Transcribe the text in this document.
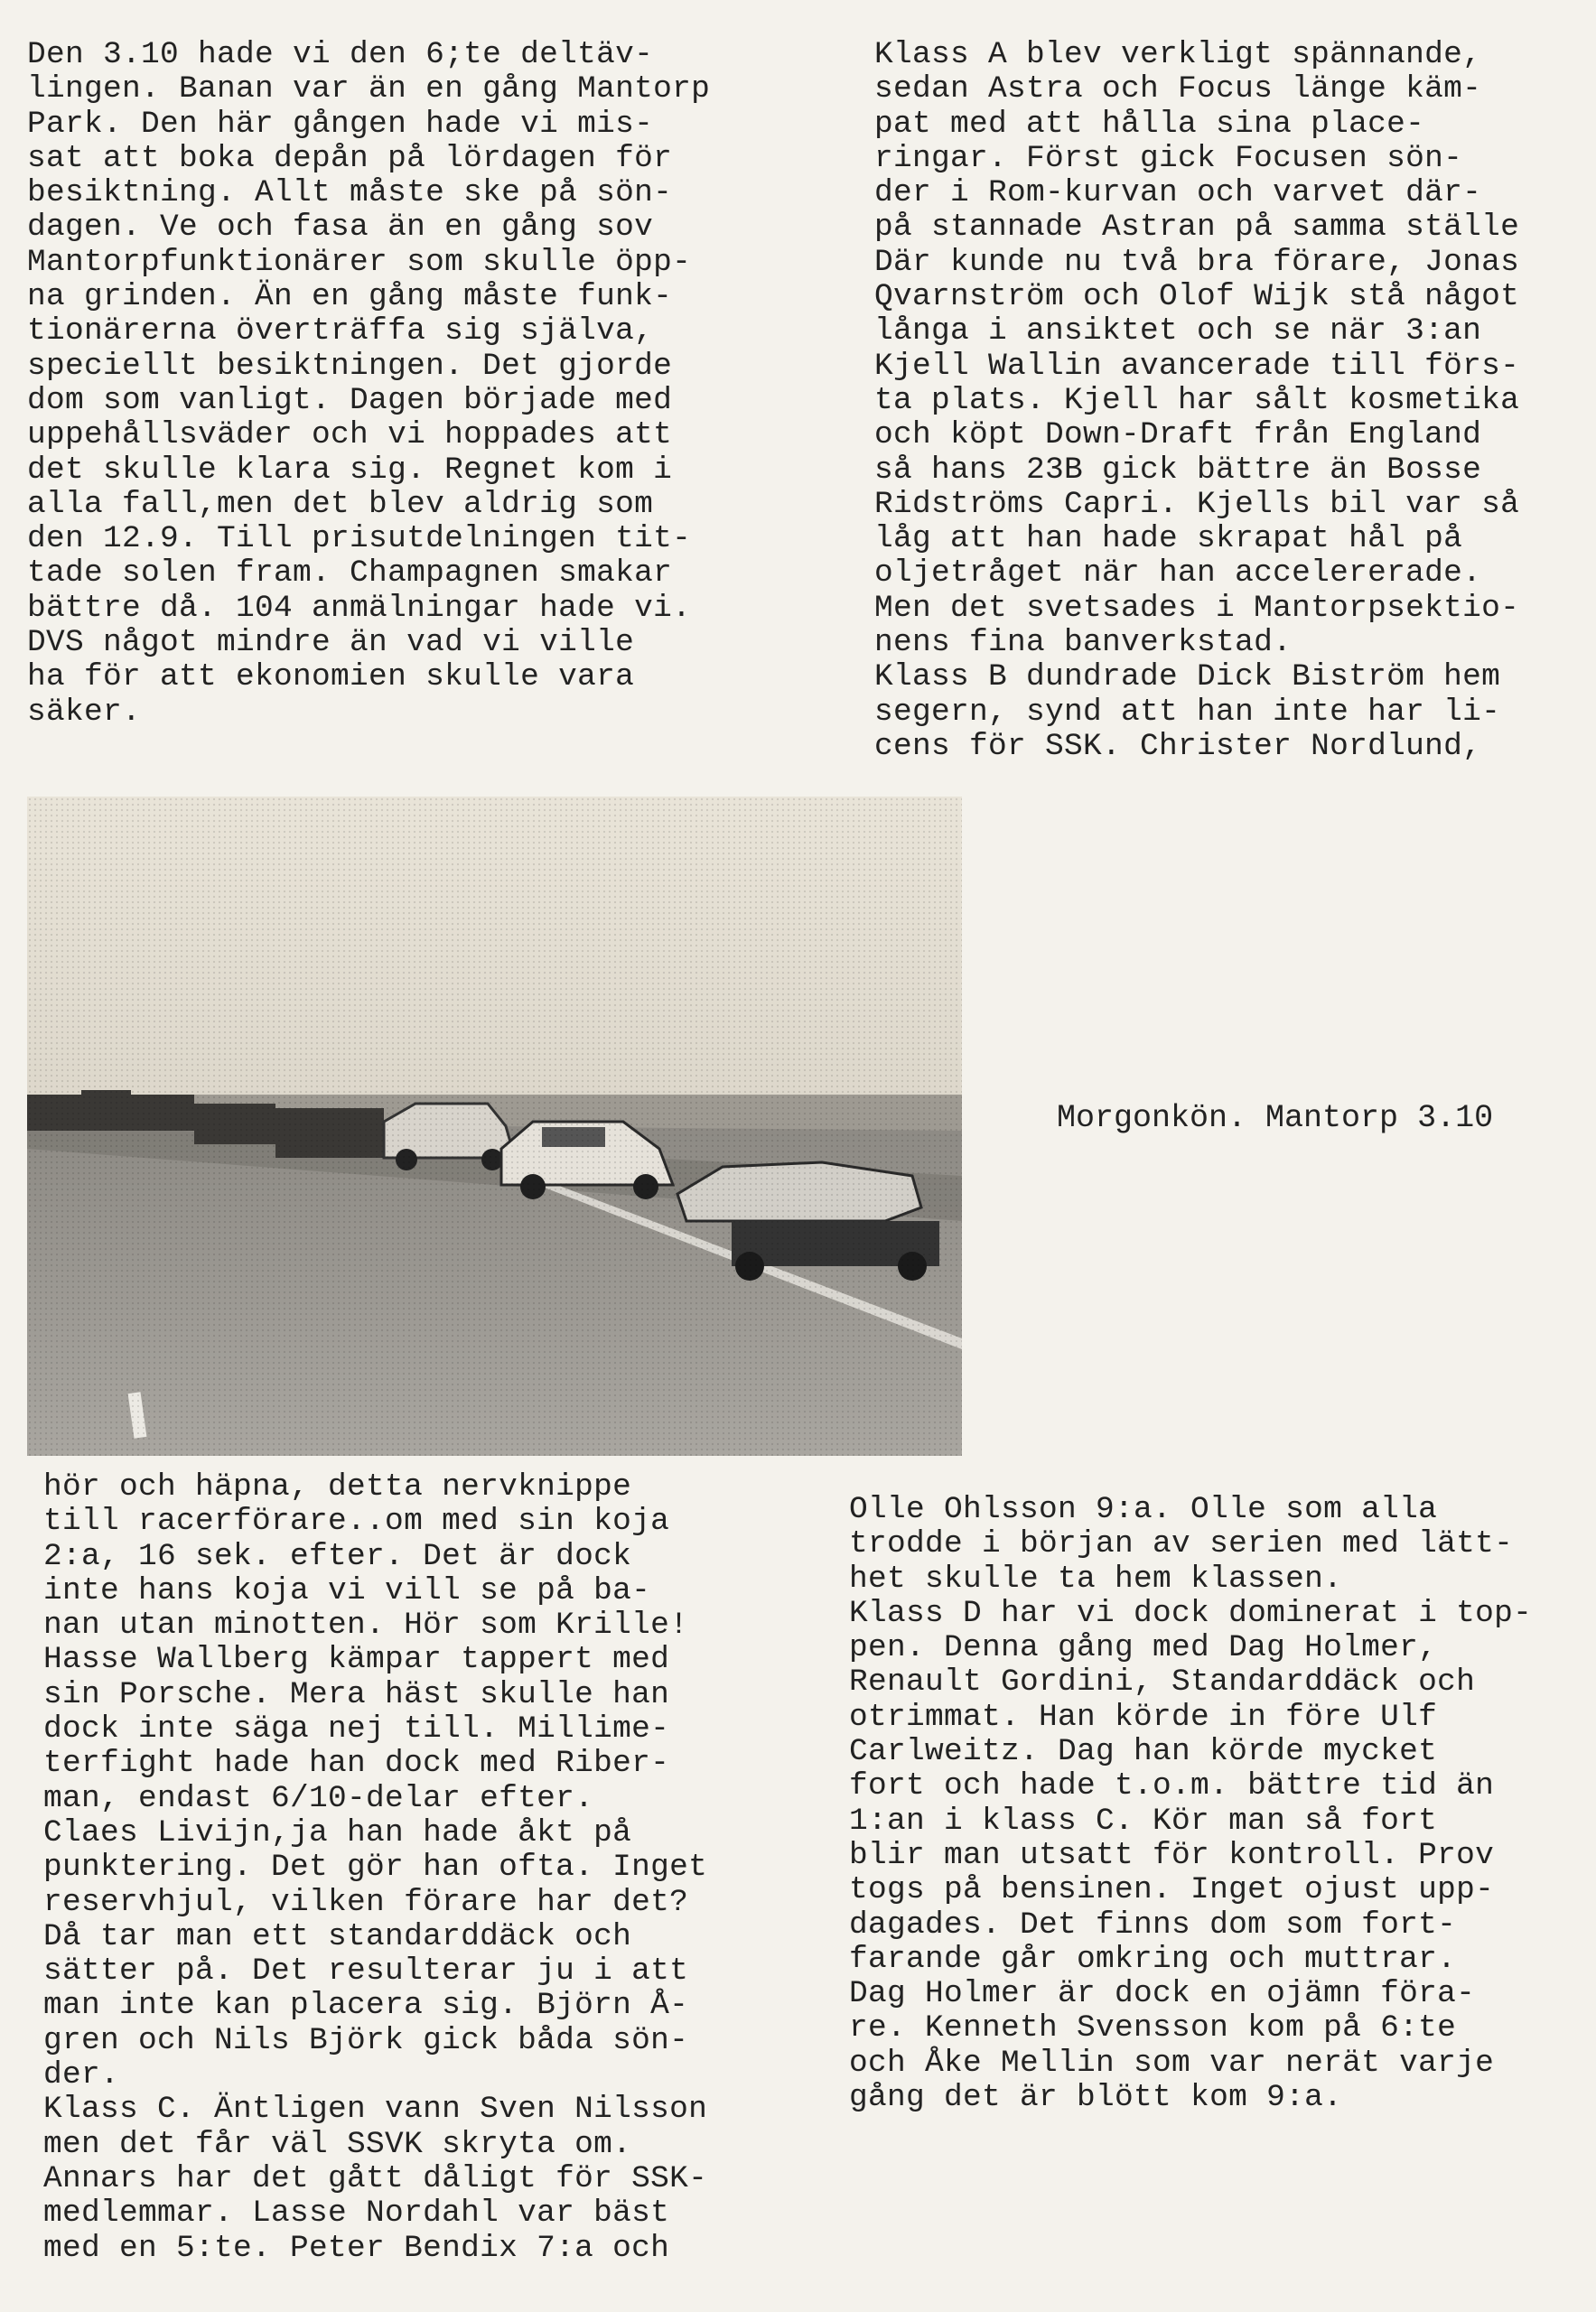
Den 3.10 hade vi den 6;te deltäv-
lingen. Banan var än en gång Mantorp
Park. Den här gången hade vi mis-
sat att boka depån på lördagen för
besiktning. Allt måste ske på sön-
dagen. Ve och fasa än en gång sov
Mantorpfunktionärer som skulle öpp-
na grinden. Än en gång måste funk-
tionärerna överträffa sig själva,
speciellt besiktningen. Det gjorde
dom som vanligt. Dagen började med
uppehållsväder och vi hoppades att
det skulle klara sig. Regnet kom i
alla fall,men det blev aldrig som
den 12.9. Till prisutdelningen tit-
tade solen fram. Champagnen smakar
bättre då. 104 anmälningar hade vi.
DVS något mindre än vad vi ville
ha för att ekonomien skulle vara
säker.
Klass A blev verkligt spännande,
sedan Astra och Focus länge käm-
pat med att hålla sina place-
ringar. Först gick Focusen sön-
der i Rom-kurvan och varvet där-
på stannade Astran på samma ställe
Där kunde nu två bra förare, Jonas
Qvarnström och Olof Wijk stå något
långa i ansiktet och se när 3:an
Kjell Wallin avancerade till förs-
ta plats. Kjell har sålt kosmetika
och köpt Down-Draft från England
så hans 23B gick bättre än Bosse
Ridströms Capri. Kjells bil var så
låg att han hade skrapat hål på
oljetråget när han accelererade.
Men det svetsades i Mantorpsektio-
nens fina banverkstad.
Klass B dundrade Dick Biström hem
segern, synd att han inte har li-
cens för SSK. Christer Nordlund,
Morgonkön. Mantorp 3.10
hör och häpna, detta nervknippe
till racerförare..om med sin koja
2:a, 16 sek. efter. Det är dock
inte hans koja vi vill se på ba-
nan utan minotten. Hör som Krille!
Hasse Wallberg kämpar tappert med
sin Porsche. Mera häst skulle han
dock inte säga nej till. Millime-
terfight hade han dock med Riber-
man, endast 6/10-delar efter.
Claes Livijn,ja han hade åkt på
punktering. Det gör han ofta. Inget
reservhjul, vilken förare har det?
Då tar man ett standarddäck och
sätter på. Det resulterar ju i att
man inte kan placera sig. Björn Å-
gren och Nils Björk gick båda sön-
der.
Klass C. Äntligen vann Sven Nilsson
men det får väl SSVK skryta om.
Annars har det gått dåligt för SSK-
medlemmar. Lasse Nordahl var bäst
med en 5:te. Peter Bendix 7:a och
Olle Ohlsson 9:a. Olle som alla
trodde i början av serien med lätt-
het skulle ta hem klassen.
Klass D har vi dock dominerat i top-
pen. Denna gång med Dag Holmer,
Renault Gordini, Standarddäck och
otrimmat. Han körde in före Ulf
Carlweitz. Dag han körde mycket
fort och hade t.o.m. bättre tid än
1:an i klass C. Kör man så fort
blir man utsatt för kontroll. Prov
togs på bensinen. Inget ojust upp-
dagades. Det finns dom som fort-
farande går omkring och muttrar.
Dag Holmer är dock en ojämn föra-
re. Kenneth Svensson kom på 6:te
och Åke Mellin som var nerät varje
gång det är blött kom 9:a.
